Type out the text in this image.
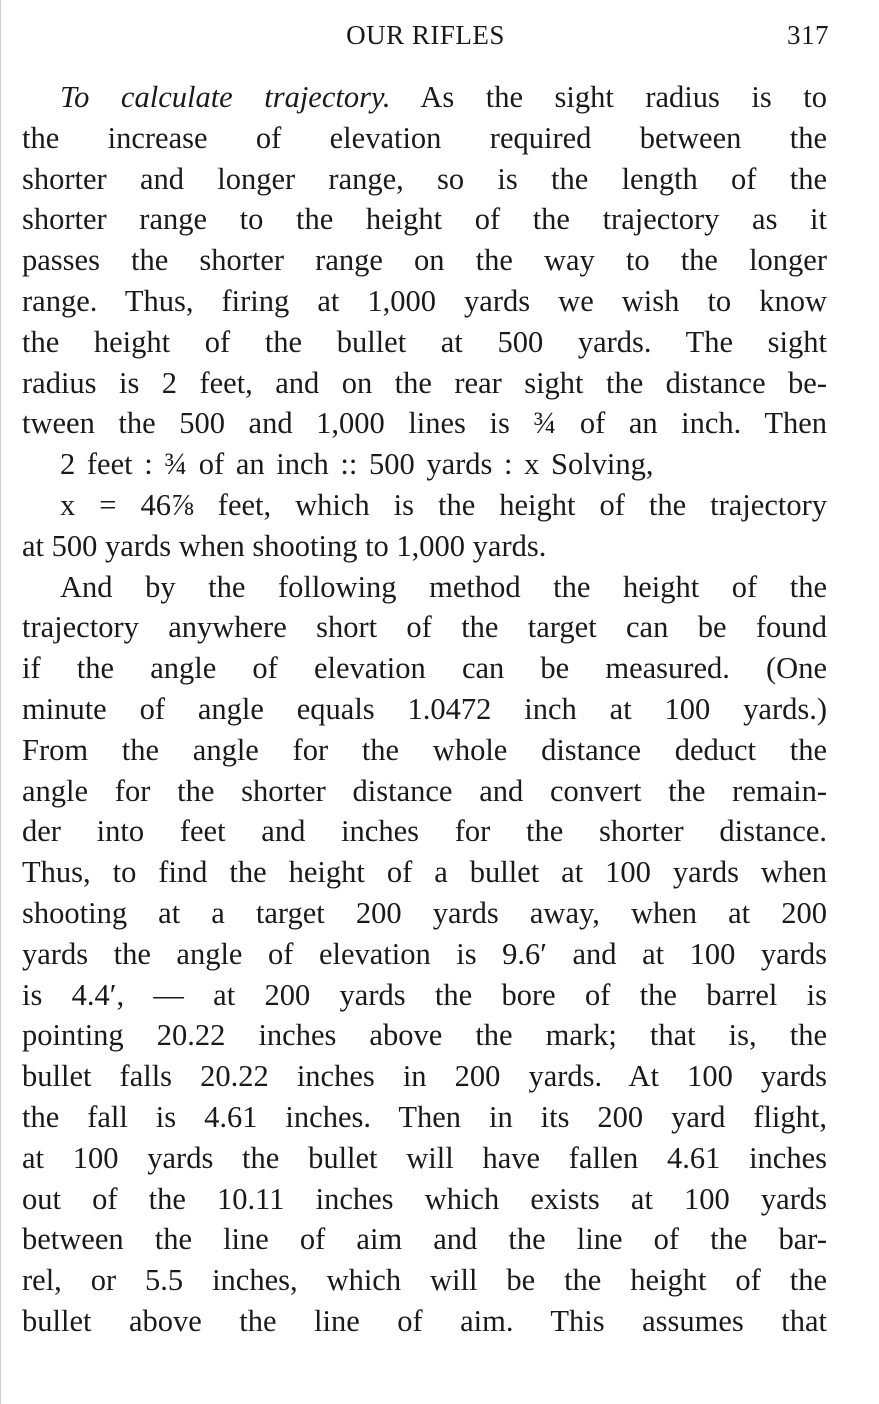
OUR RIFLES	317
To calculate trajectory. As the sight radius is to
the increase of elevation required between the
shorter and longer range, so is the length of the
shorter range to the height of the trajectory as it
passes the shorter range on the way to the longer
range. Thus, firing at 1,000 yards we wish to know
the height of the bullet at 500 yards. The sight
radius is 2 feet, and on the rear sight the distance be-
tween the 500 and 1,000 lines is ¾ of an inch. Then
2 feet : ¾ of an inch :: 500 yards : x Solving,
x = 46⅞ feet, which is the height of the trajectory
at 500 yards when shooting to 1,000 yards.
And by the following method the height of the
trajectory anywhere short of the target can be found
if the angle of elevation can be measured. (One
minute of angle equals 1.0472 inch at 100 yards.)
From the angle for the whole distance deduct the
angle for the shorter distance and convert the remain-
der into feet and inches for the shorter distance.
Thus, to find the height of a bullet at 100 yards when
shooting at a target 200 yards away, when at 200
yards the angle of elevation is 9.6′ and at 100 yards
is 4.4′, — at 200 yards the bore of the barrel is
pointing 20.22 inches above the mark; that is, the
bullet falls 20.22 inches in 200 yards. At 100 yards
the fall is 4.61 inches. Then in its 200 yard flight,
at 100 yards the bullet will have fallen 4.61 inches
out of the 10.11 inches which exists at 100 yards
between the line of aim and the line of the bar-
rel, or 5.5 inches, which will be the height of the
bullet above the line of aim. This assumes that
